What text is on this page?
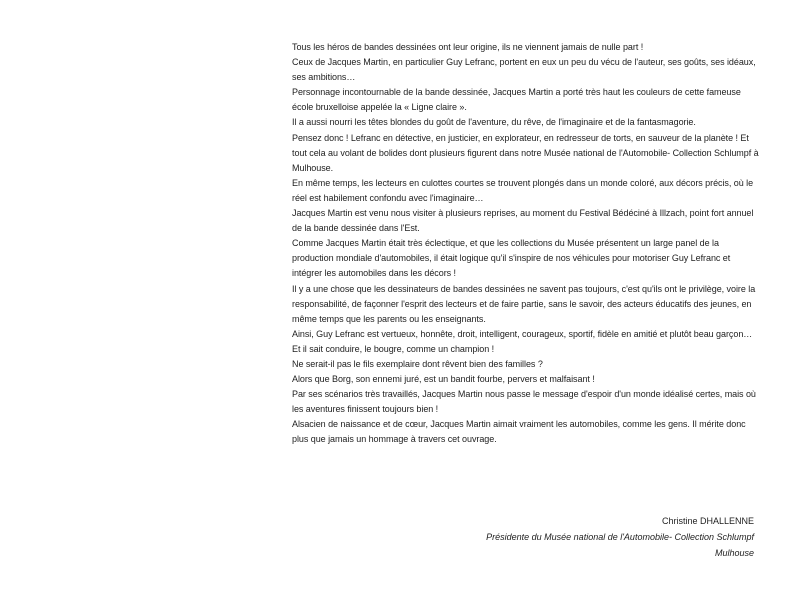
Tous les héros de bandes dessinées ont leur origine, ils ne viennent jamais de nulle part !

Ceux de Jacques Martin, en particulier Guy Lefranc, portent en eux un peu du vécu de l'auteur, ses goûts, ses idéaux, ses ambitions…

Personnage incontournable de la bande dessinée, Jacques Martin a porté très haut les couleurs de cette fameuse école bruxelloise appelée la « Ligne claire ».

Il a aussi nourri les têtes blondes du goût de l'aventure, du rêve, de l'imaginaire et de la fantasmagorie.

Pensez donc ! Lefranc en détective, en justicier, en explorateur, en redresseur de torts, en sauveur de la planète ! Et tout cela au volant de bolides dont plusieurs figurent dans notre Musée national de l'Automobile- Collection Schlumpf à Mulhouse.

En même temps, les lecteurs en culottes courtes se trouvent plongés dans un monde coloré, aux décors précis, où le réel est habilement confondu avec l'imaginaire…

Jacques Martin est venu nous visiter à plusieurs reprises, au moment du Festival Bédéciné à Illzach, point fort annuel de la bande dessinée dans l'Est.

Comme Jacques Martin était très éclectique, et que les collections du Musée présentent un large panel de la production mondiale d'automobiles, il était logique qu'il s'inspire de nos véhicules pour motoriser Guy Lefranc et intégrer les automobiles dans les décors !

Il y a une chose que les dessinateurs de bandes dessinées ne savent pas toujours, c'est qu'ils ont le privilège, voire la responsabilité, de façonner l'esprit des lecteurs et de faire partie, sans le savoir, des acteurs éducatifs des jeunes, en même temps que les parents ou les enseignants.

Ainsi, Guy Lefranc est vertueux, honnête, droit, intelligent, courageux, sportif, fidèle en amitié et plutôt beau garçon… Et il sait conduire, le bougre, comme un champion !

Ne serait-il pas le fils exemplaire dont rêvent bien des familles ?

Alors que Borg, son ennemi juré, est un bandit fourbe, pervers et malfaisant !

Par ses scénarios très travaillés, Jacques Martin nous passe le message d'espoir d'un monde idéalisé certes, mais où les aventures finissent toujours bien !

Alsacien de naissance et de cœur, Jacques Martin aimait vraiment les automobiles, comme les gens. Il mérite donc plus que jamais un hommage à travers cet ouvrage.

Christine DHALLENNE
Présidente du Musée national de l'Automobile- Collection Schlumpf
Mulhouse
